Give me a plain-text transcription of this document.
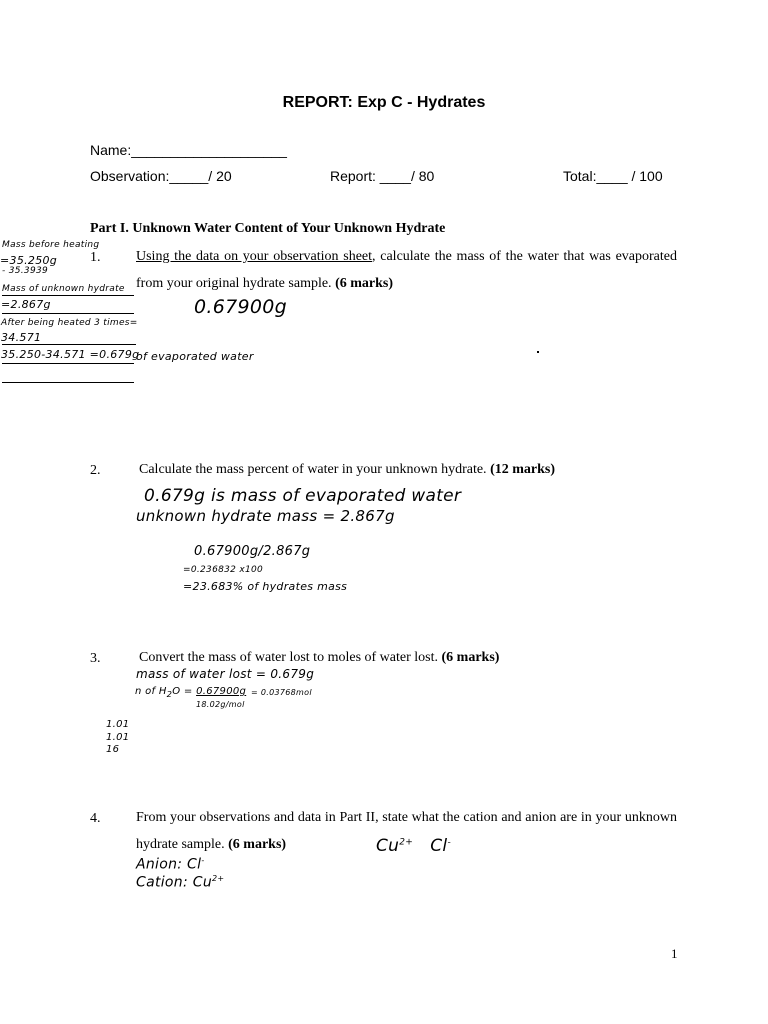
REPORT: Exp C - Hydrates
Name:____________________
Observation:_____/ 20	Report: ____/ 80	Total:____ / 100
Part I. Unknown Water Content of Your Unknown Hydrate
1.	Using the data on your observation sheet, calculate the mass of the water that was evaporated from your original hydrate sample. (6 marks)
Mass before heating
=35.250g
- 35.3939
Mass of unknown hydrate
=2.867g
After being heated 3 times=
34.571
35.250-34.571 =0.679g
of evaporated water
0.67900g
2.	Calculate the mass percent of water in your unknown hydrate. (12 marks)
0.679g is mass of evaporated water
unknown hydrate mass = 2.867g
0.67900g/2.867g
=0.236832 x100
=23.683% of hydrates mass
3.	Convert the mass of water lost to moles of water lost. (6 marks)
mass of water lost = 0.679g
n of $H_2O = 0.67900g$
18.02g/mol
= 0.03768mol
1.01
1.01
16
4.	From your observations and data in Part II, state what the cation and anion are in your unknown hydrate sample. (6 marks)	$Cu^{2+}$ Cl-
Anion: Cl-
Cation: $Cu^{2+}$
1
